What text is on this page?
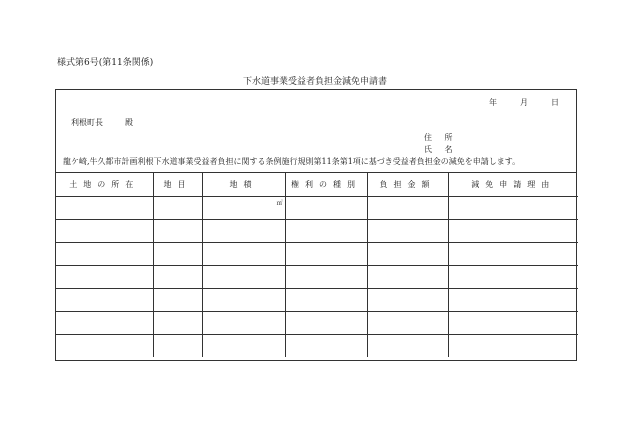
様式第6号(第11条関係)
下水道事業受益者負担金減免申請書
年	月	日
利根町長	殿
住 所
氏 名
龍ケ崎,牛久都市計画利根下水道事業受益者負担に関する条例施行規則第11条第1項に基づき受益者負担金の減免を申請します。
土地の所在	地目	地積	権利の種別	負担金額	減免申請理由

		㎡			
